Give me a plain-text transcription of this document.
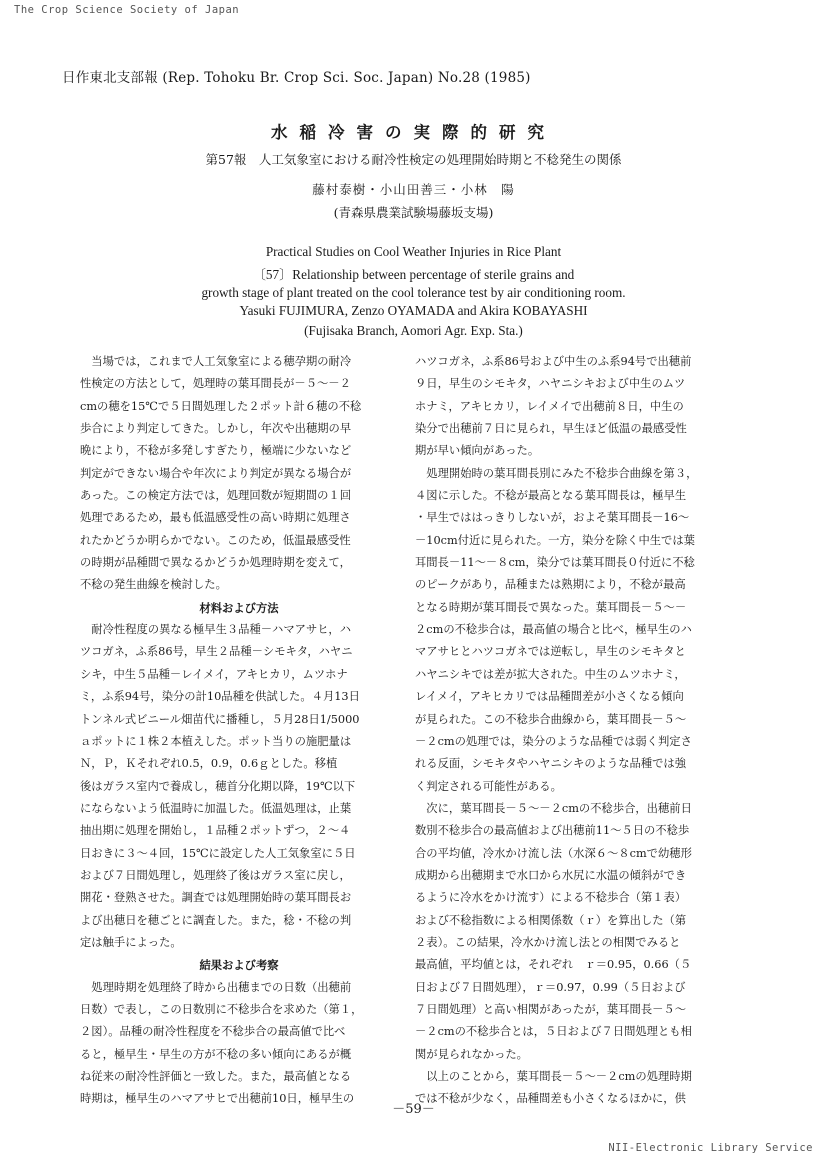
The Crop Science Society of Japan
日作東北支部報 (Rep. Tohoku Br. Crop Sci. Soc. Japan) No.28 (1985)
水稲冷害の実際的研究
第57報　人工気象室における耐冷性検定の処理開始時期と不稔発生の関係
藤村泰樹・小山田善三・小林　陽
(青森県農業試験場藤坂支場)
Practical Studies on Cool Weather Injuries in Rice Plant
〔57〕Relationship between percentage of sterile grains and
growth stage of plant treated on the cool tolerance test by air conditioning room.
Yasuki FUJIMURA, Zenzo OYAMADA and Akira KOBAYASHI
(Fujisaka Branch, Aomori Agr. Exp. Sta.)
　当場では，これまで人工気象室による穂孕期の耐冷
性検定の方法として，処理時の葉耳間長が－５～－２
cmの穂を15℃で５日間処理した２ポット計６穂の不稔
歩合により判定してきた。しかし，年次や出穂期の早
晩により，不稔が多発しすぎたり，極端に少ないなど
判定ができない場合や年次により判定が異なる場合が
あった。この検定方法では，処理回数が短期間の１回
処理であるため，最も低温感受性の高い時期に処理さ
れたかどうか明らかでない。このため，低温最感受性
の時期が品種間で異なるかどうか処理時期を変えて，
不稔の発生曲線を検討した。
材料および方法
　耐冷性程度の異なる極早生３品種－ハマアサヒ，ハ
ツコガネ，ふ系86号，早生２品種－シモキタ，ハヤニ
シキ，中生５品種－レイメイ，アキヒカリ，ムツホナ
ミ，ふ系94号，染分の計10品種を供試した。４月13日
トンネル式ビニール畑苗代に播種し，５月28日1/5000
ａポットに１株２本植えした。ポット当りの施肥量は
Ｎ，Ｐ，Ｋそれぞれ0.5，0.9，0.6ｇとした。移植
後はガラス室内で養成し，穂首分化期以降，19℃以下
にならないよう低温時に加温した。低温処理は，止葉
抽出期に処理を開始し，１品種２ポットずつ，２～４
日おきに３～４回，15℃に設定した人工気象室に５日
および７日間処理し，処理終了後はガラス室に戻し，
開花・登熟させた。調査では処理開始時の葉耳間長お
よび出穂日を穂ごとに調査した。また，稔・不稔の判
定は触手によった。
結果および考察
　処理時期を処理終了時から出穂までの日数（出穂前
日数）で表し，この日数別に不稔歩合を求めた（第１，
２図）。品種の耐冷性程度を不稔歩合の最高値で比べ
ると，極早生・早生の方が不稔の多い傾向にあるが概
ね従来の耐冷性評価と一致した。また，最高値となる
時期は，極早生のハマアサヒで出穂前10日，極早生の
ハツコガネ，ふ系86号および中生のふ系94号で出穂前
９日，早生のシモキタ，ハヤニシキおよび中生のムツ
ホナミ，アキヒカリ，レイメイで出穂前８日，中生の
染分で出穂前７日に見られ，早生ほど低温の最感受性
期が早い傾向があった。
　処理開始時の葉耳間長別にみた不稔歩合曲線を第３，
４図に示した。不稔が最高となる葉耳間長は，極早生
・早生でははっきりしないが，およそ葉耳間長－16～
－10cm付近に見られた。一方，染分を除く中生では葉
耳間長－11～－８cm，染分では葉耳間長０付近に不稔
のピークがあり，品種または熟期により，不稔が最高
となる時期が葉耳間長で異なった。葉耳間長－５～－
２cmの不稔歩合は，最高値の場合と比べ，極早生のハ
マアサヒとハツコガネでは逆転し，早生のシモキタと
ハヤニシキでは差が拡大された。中生のムツホナミ，
レイメイ，アキヒカリでは品種間差が小さくなる傾向
が見られた。この不稔歩合曲線から，葉耳間長－５～
－２cmの処理では，染分のような品種では弱く判定さ
れる反面，シモキタやハヤニシキのような品種では強
く判定される可能性がある。
　次に，葉耳間長－５～－２cmの不稔歩合，出穂前日
数別不稔歩合の最高値および出穂前11～５日の不稔歩
合の平均値，冷水かけ流し法（水深６～８cmで幼穂形
成期から出穂期まで水口から水尻に水温の傾斜ができ
るように冷水をかけ流す）による不稔歩合（第１表）
および不稔指数による相関係数（ｒ）を算出した（第
２表）。この結果，冷水かけ流し法との相関でみると
最高値，平均値とは，それぞれ　ｒ＝0.95，0.66（５
日および７日間処理），ｒ＝0.97，0.99（５日および
７日間処理）と高い相関があったが，葉耳間長－５～
－２cmの不稔歩合とは，５日および７日間処理とも相
関が見られなかった。
　以上のことから，葉耳間長－５～－２cmの処理時期
では不稔が少なく，品種間差も小さくなるほかに，供
－59－
NII-Electronic Library Service
